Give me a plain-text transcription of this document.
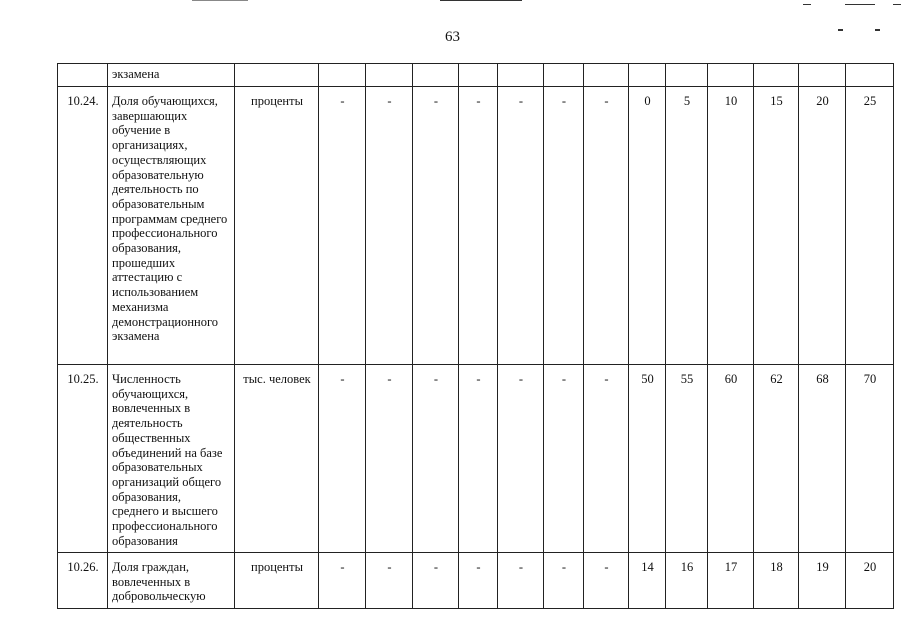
63
	экзамена														
10.24.	Доля обучающихся, завершающих обучение в организациях, осуществляющих образовательную деятельность по образовательным программам среднего профессионального образования, прошедших аттестацию с использованием механизма демонстрационного экзамена	проценты	-	-	-	-	-	-	-	0	5	10	15	20	25
10.25.	Численность обучающихся, вовлеченных в деятельность общественных объединений на базе образовательных организаций общего образования, среднего и высшего профессионального образования	тыс. человек	-	-	-	-	-	-	-	50	55	60	62	68	70
10.26.	Доля граждан, вовлеченных в добровольческую	проценты	-	-	-	-	-	-	-	14	16	17	18	19	20
